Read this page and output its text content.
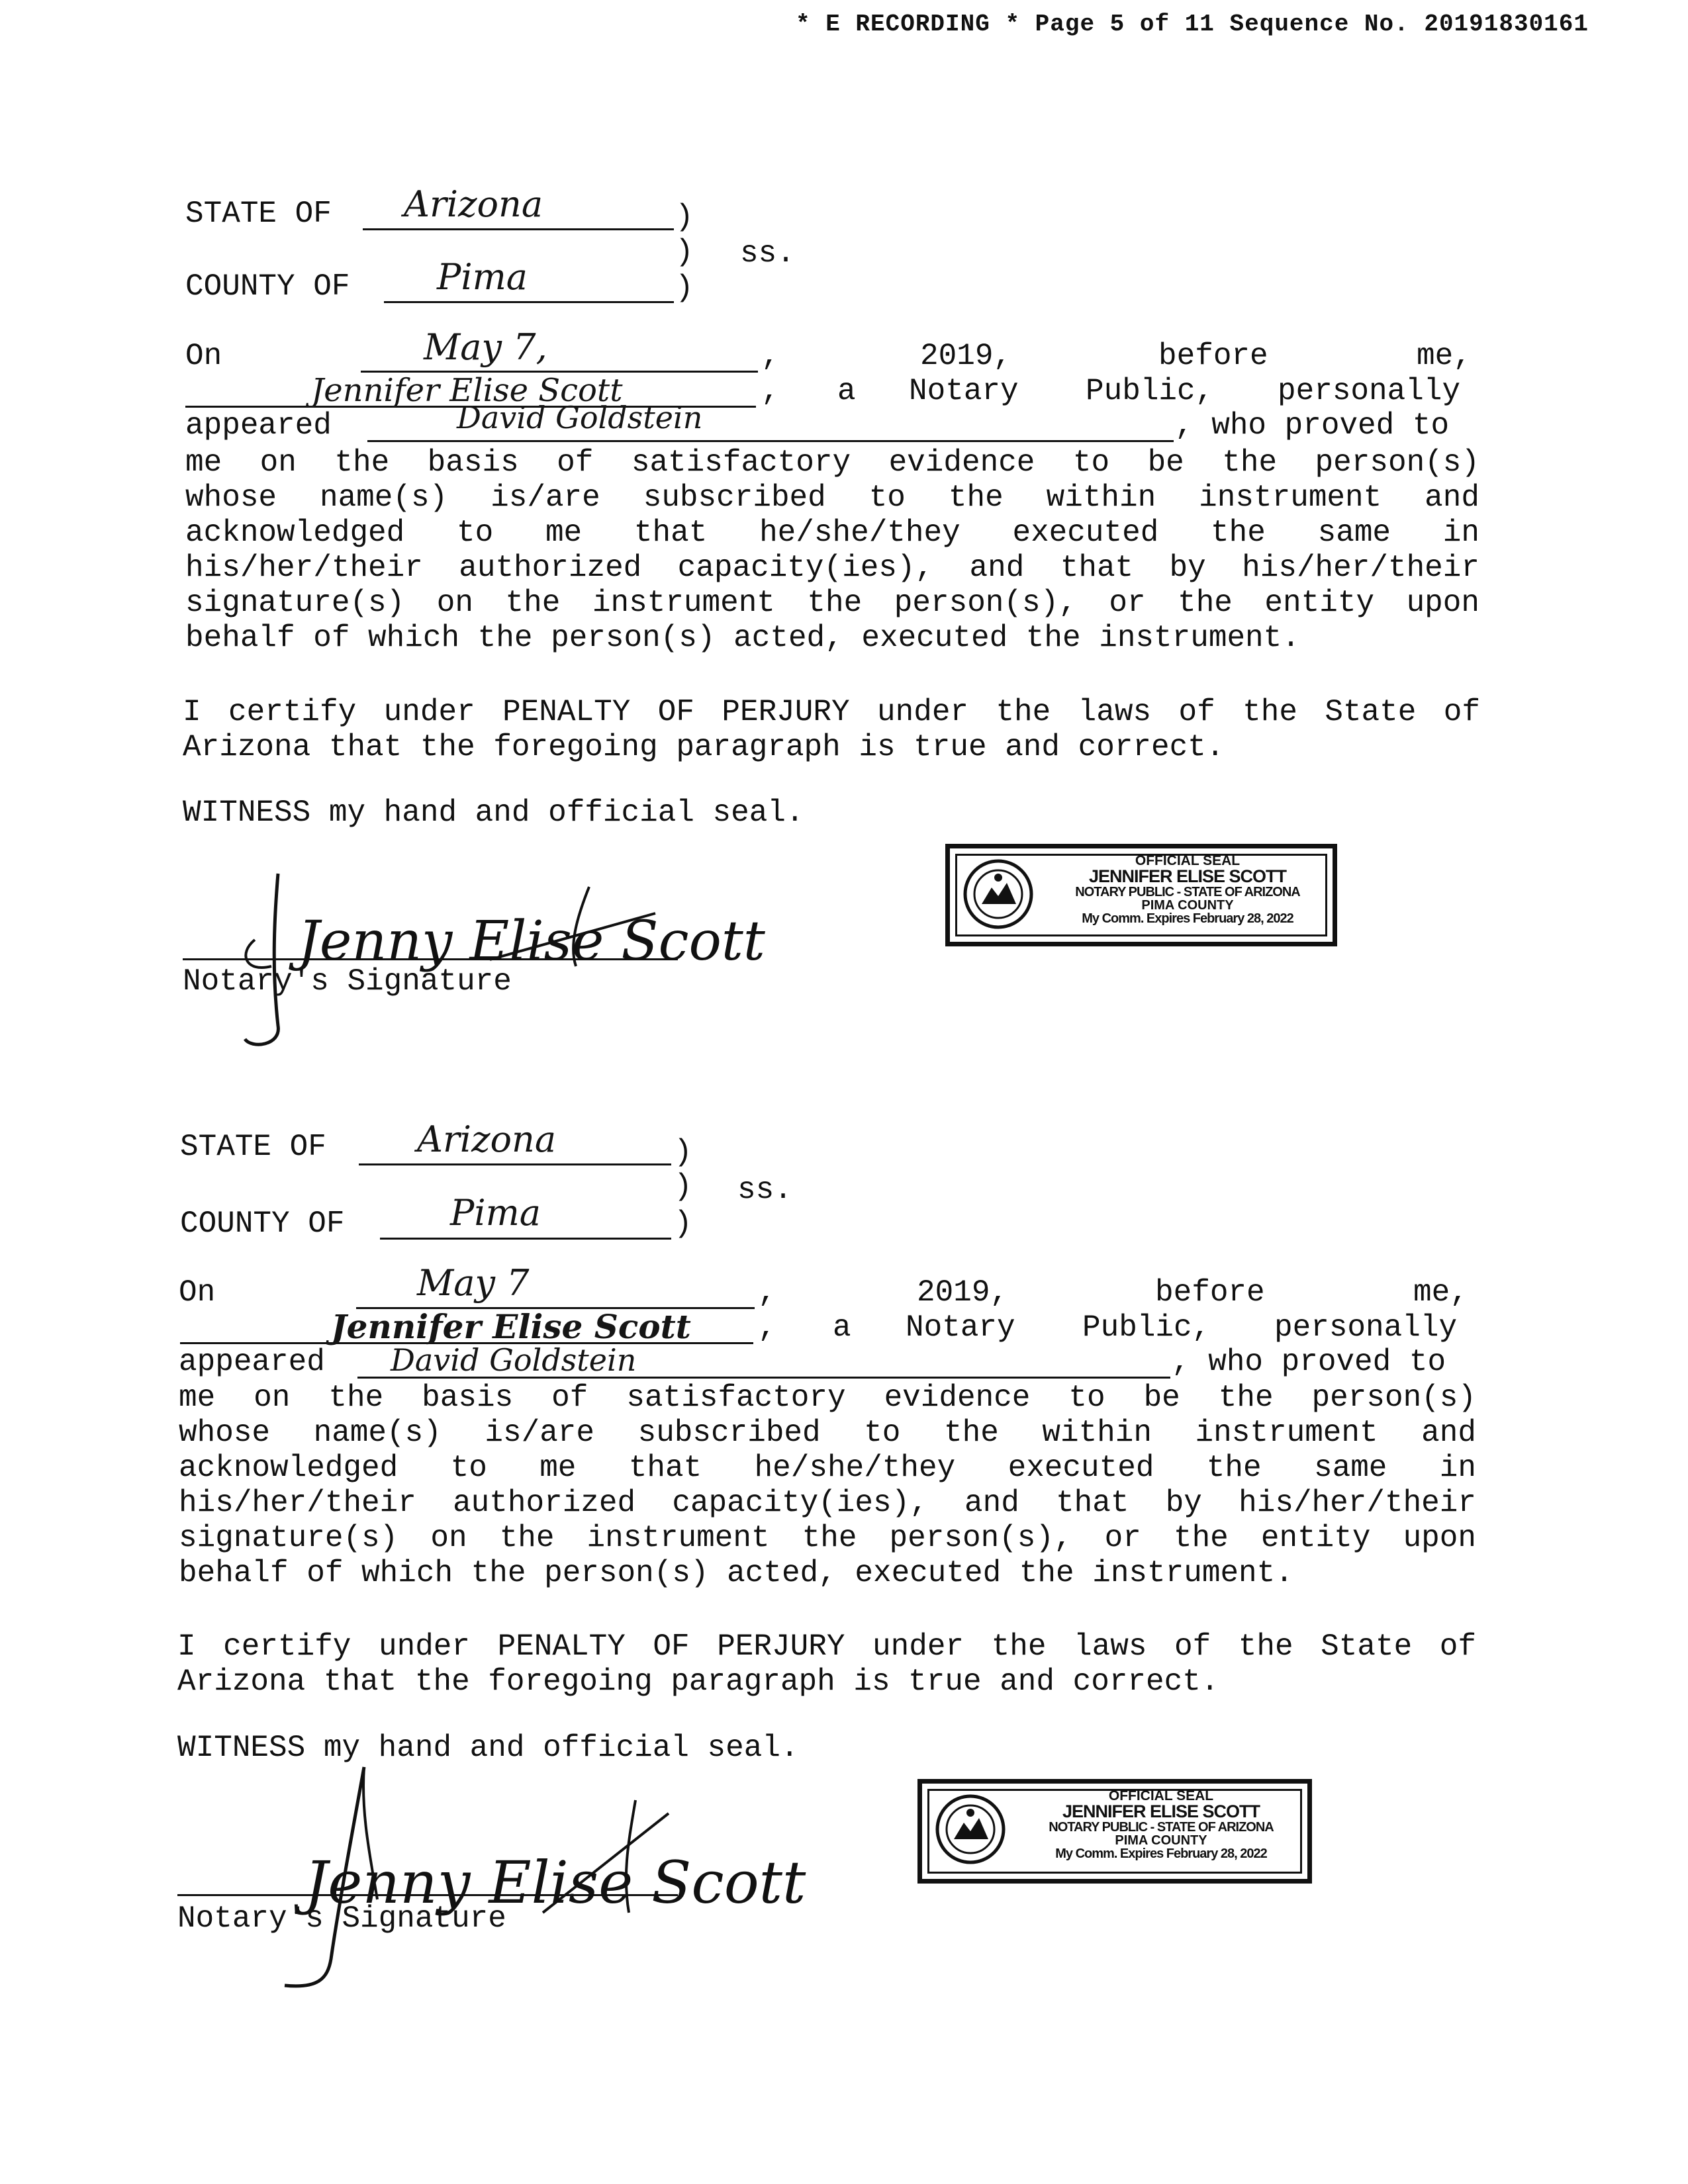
* E RECORDING * Page 5 of 11 Sequence No. 20191830161
STATE OF Arizona	)
) ss.
COUNTY OF Pima	)
On	May 7,	,	2019,	before	me,
Jennifer Elise Scott	, a Notary Public, personally
appeared	David Goldstein	, who proved to
me on the basis of satisfactory evidence to be the person(s)
whose name(s) is/are subscribed to the within instrument and
acknowledged to me that he/she/they executed the same in
his/her/their authorized capacity(ies), and that by his/her/their
signature(s) on the instrument the person(s), or the entity upon
behalf of which the person(s) acted, executed the instrument.
I certify under PENALTY OF PERJURY under the laws of the State of
Arizona that the foregoing paragraph is true and correct.
WITNESS my hand and official seal.
Jenny Elise Scott
Notary's Signature
OFFICIAL SEAL
JENNIFER ELISE SCOTT
NOTARY PUBLIC - STATE OF ARIZONA
PIMA COUNTY
My Comm. Expires February 28, 2022
STATE OF	Arizona	)
) ss.
COUNTY OF	Pima	)
On	May 7	,	2019,	before	me,
Jennifer Elise Scott , a Notary Public, personally
appeared David Goldstein	, who proved to
me on the basis of satisfactory evidence to be the person(s)
whose name(s) is/are subscribed to the within instrument and
acknowledged to me that he/she/they executed the same in
his/her/their authorized capacity(ies), and that by his/her/their
signature(s) on the instrument the person(s), or the entity upon
behalf of which the person(s) acted, executed the instrument.
I certify under PENALTY OF PERJURY under the laws of the State of
Arizona that the foregoing paragraph is true and correct.
WITNESS my hand and official seal.
Jenny Elise Scott
Notary's Signature
OFFICIAL SEAL
JENNIFER ELISE SCOTT
NOTARY PUBLIC - STATE OF ARIZONA
PIMA COUNTY
My Comm. Expires February 28, 2022
